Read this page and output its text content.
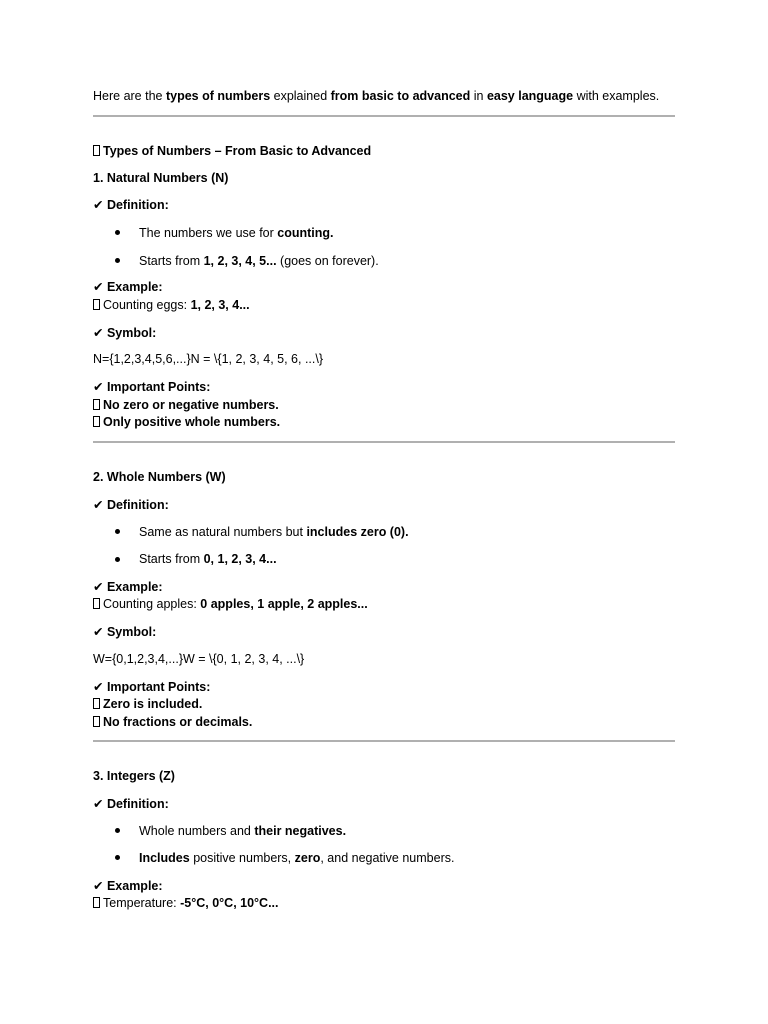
Here are the types of numbers explained from basic to advanced in easy language with examples.
Types of Numbers – From Basic to Advanced
1. Natural Numbers (N)
✔ Definition:
The numbers we use for counting.
Starts from 1, 2, 3, 4, 5... (goes on forever).
✔ Example:
Counting eggs: 1, 2, 3, 4...
✔ Symbol:
N={1,2,3,4,5,6,...}N = \{1, 2, 3, 4, 5, 6, ...\}
✔ Important Points:
No zero or negative numbers.
Only positive whole numbers.
2. Whole Numbers (W)
✔ Definition:
Same as natural numbers but includes zero (0).
Starts from 0, 1, 2, 3, 4...
✔ Example:
Counting apples: 0 apples, 1 apple, 2 apples...
✔ Symbol:
W={0,1,2,3,4,...}W = \{0, 1, 2, 3, 4, ...\}
✔ Important Points:
Zero is included.
No fractions or decimals.
3. Integers (Z)
✔ Definition:
Whole numbers and their negatives.
Includes positive numbers, zero, and negative numbers.
✔ Example:
Temperature: -5°C, 0°C, 10°C...
